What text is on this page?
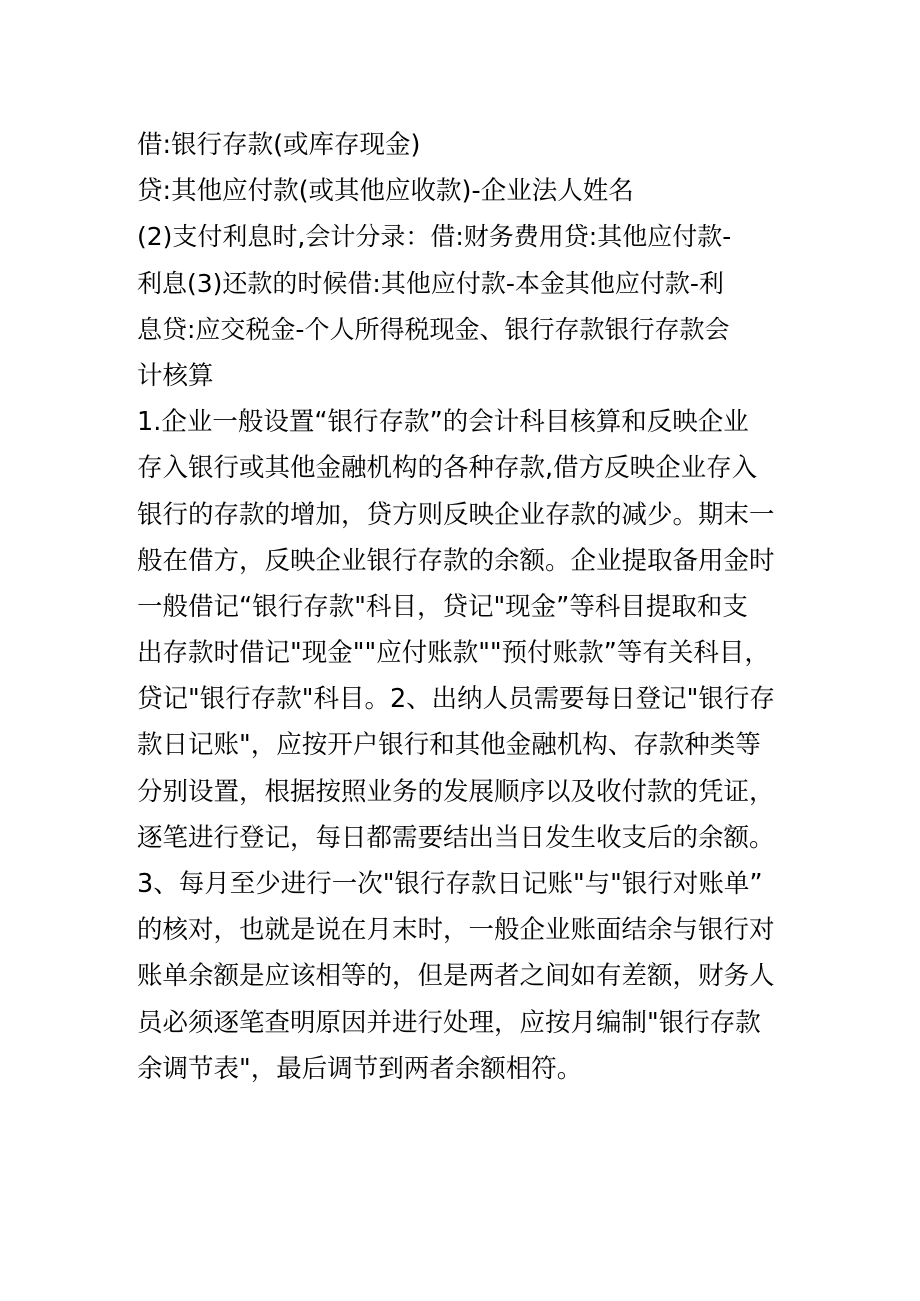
借:银行存款(或库存现金)
贷:其他应付款(或其他应收款)-企业法人姓名
(2)支付利息时,会计分录：借:财务费用贷:其他应付款-
利息(3)还款的时候借:其他应付款-本金其他应付款-利
息贷:应交税金-个人所得税现金、银行存款银行存款会
计核算
1.企业一般设置“银行存款”的会计科目核算和反映企业
存入银行或其他金融机构的各种存款,借方反映企业存入
银行的存款的增加，贷方则反映企业存款的减少。期末一
般在借方，反映企业银行存款的余额。企业提取备用金时
一般借记“银行存款"科目，贷记"现金”等科目提取和支
出存款时借记"现金""应付账款""预付账款”等有关科目，
贷记"银行存款"科目。2、出纳人员需要每日登记"银行存
款日记账"，应按开户银行和其他金融机构、存款种类等
分别设置，根据按照业务的发展顺序以及收付款的凭证，
逐笔进行登记，每日都需要结出当日发生收支后的余额。
3、每月至少进行一次"银行存款日记账"与"银行对账单”
的核对，也就是说在月末时，一般企业账面结余与银行对
账单余额是应该相等的，但是两者之间如有差额，财务人
员必须逐笔查明原因并进行处理，应按月编制"银行存款
余调节表"，最后调节到两者余额相符。
